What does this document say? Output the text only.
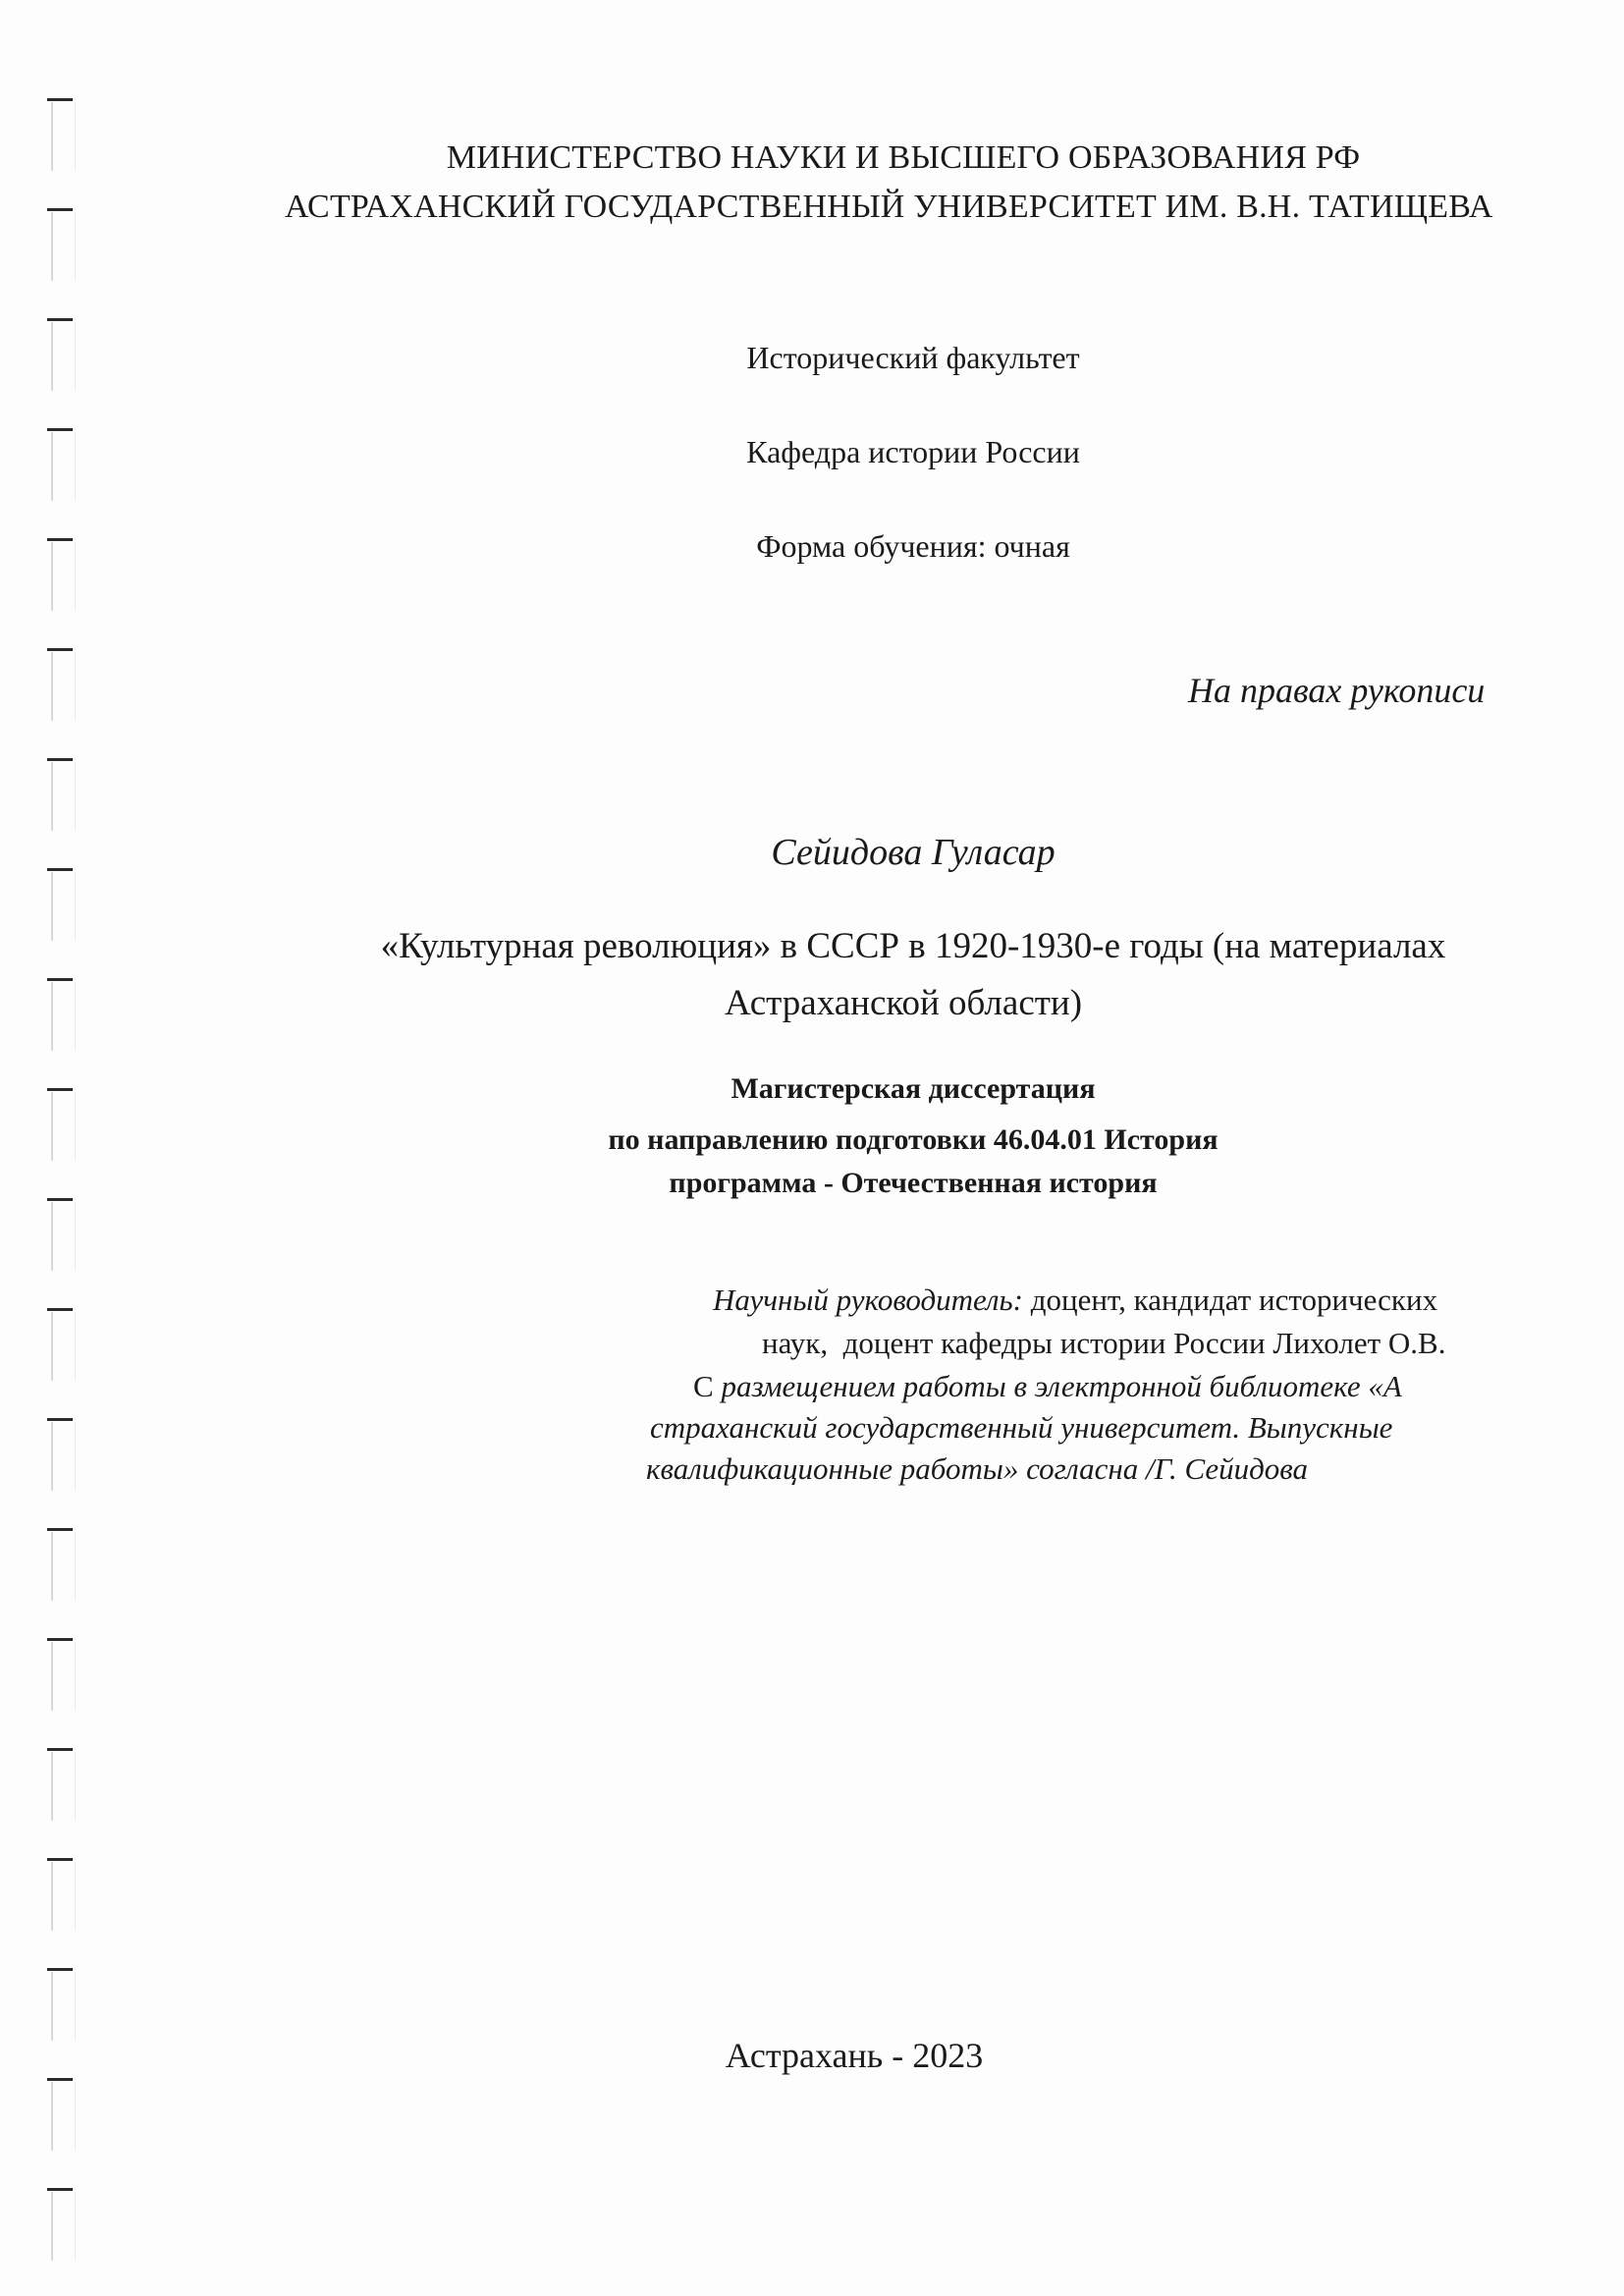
МИНИСТЕРСТВО НАУКИ И ВЫСШЕГО ОБРАЗОВАНИЯ РФ
АСТРАХАНСКИЙ ГОСУДАРСТВЕННЫЙ УНИВЕРСИТЕТ ИМ. В.Н. ТАТИЩЕВА
Исторический факультет
Кафедра истории России
Форма обучения: очная
На правах рукописи
Сейидова Гуласар
«Культурная революция» в СССР в 1920-1930-е годы (на материалах
Астраханской области)
Магистерская диссертация
по направлению подготовки 46.04.01 История
программа - Отечественная история
Научный руководитель: доцент, кандидат исторических
наук,  доцент кафедры истории России Лихолет О.В.
С размещением работы в электронной библиотеке «А
страханский государственный университет. Выпускные
квалификационные работы» согласна /Г. Сейидова
Астрахань - 2023
